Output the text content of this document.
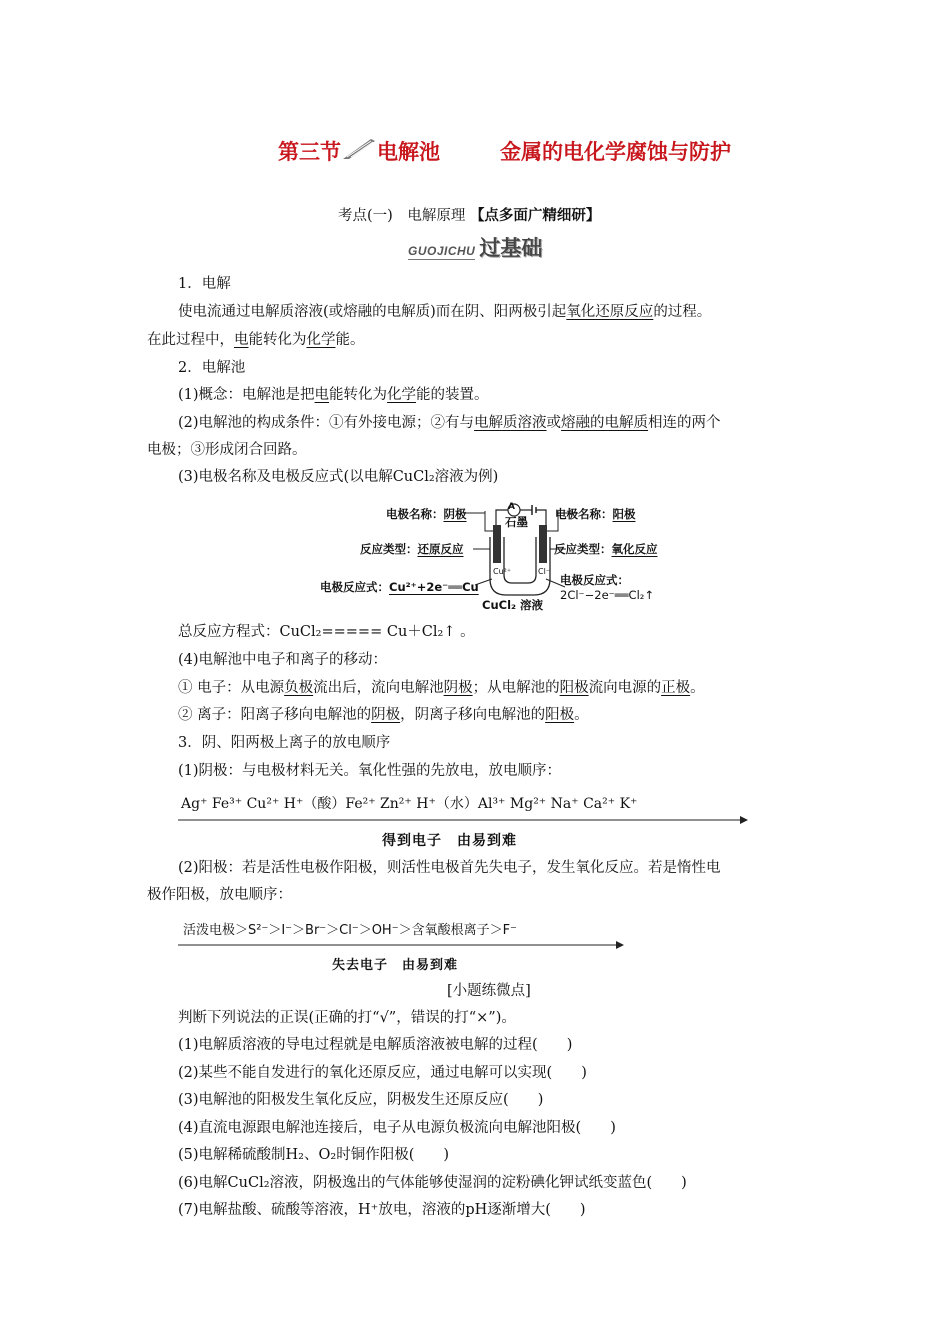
第三节 电解池	金属的电化学腐蚀与防护
考点(一)　电解原理 【点多面广精细研】
GUOJICHU 过基础
1．电解
使电流通过电解质溶液(或熔融的电解质)而在阴、阳两极引起氧化还原反应的过程。
在此过程中，电能转化为化学能。
2．电解池
(1)概念：电解池是把电能转化为化学能的装置。
(2)电解池的构成条件：①有外接电源；②有与电解质溶液或熔融的电解质相连的两个
电极；③形成闭合回路。
(3)电极名称及电极反应式(以电解CuCl₂溶液为例)
A
石墨
Cu²⁺	Cl⁻
CuCl₂ 溶液
电极名称：阴极
反应类型：还原反应
电极反应式：Cu²⁺+2e⁻══Cu
电极名称：阳极
反应类型：氧化反应
电极反应式：
2Cl⁻−2e⁻══Cl₂↑
总反应方程式：CuCl₂===== Cu＋Cl₂↑ 。
(4)电解池中电子和离子的移动：
① 电子：从电源负极流出后，流向电解池阴极；从电解池的阳极流向电源的正极。
② 离子：阳离子移向电解池的阴极，阴离子移向电解池的阳极。
3．阴、阳两极上离子的放电顺序
(1)阴极：与电极材料无关。氧化性强的先放电，放电顺序：
Ag⁺ Fe³⁺ Cu²⁺ H⁺（酸）Fe²⁺ Zn²⁺ H⁺（水）Al³⁺ Mg²⁺ Na⁺ Ca²⁺ K⁺
得到电子　由易到难
(2)阳极：若是活性电极作阳极，则活性电极首先失电子，发生氧化反应。若是惰性电
极作阳极，放电顺序：
活泼电极＞S²⁻＞I⁻＞Br⁻＞Cl⁻＞OH⁻＞含氧酸根离子＞F⁻
失去电子　由易到难
[小题练微点]
判断下列说法的正误(正确的打“√”，错误的打“×”)。
(1)电解质溶液的导电过程就是电解质溶液被电解的过程(　　)
(2)某些不能自发进行的氧化还原反应，通过电解可以实现(　　)
(3)电解池的阳极发生氧化反应，阴极发生还原反应(　　)
(4)直流电源跟电解池连接后，电子从电源负极流向电解池阳极(　　)
(5)电解稀硫酸制H₂、O₂时铜作阳极(　　)
(6)电解CuCl₂溶液，阴极逸出的气体能够使湿润的淀粉碘化钾试纸变蓝色(　　)
(7)电解盐酸、硫酸等溶液，H⁺放电，溶液的pH逐渐增大(　　)
